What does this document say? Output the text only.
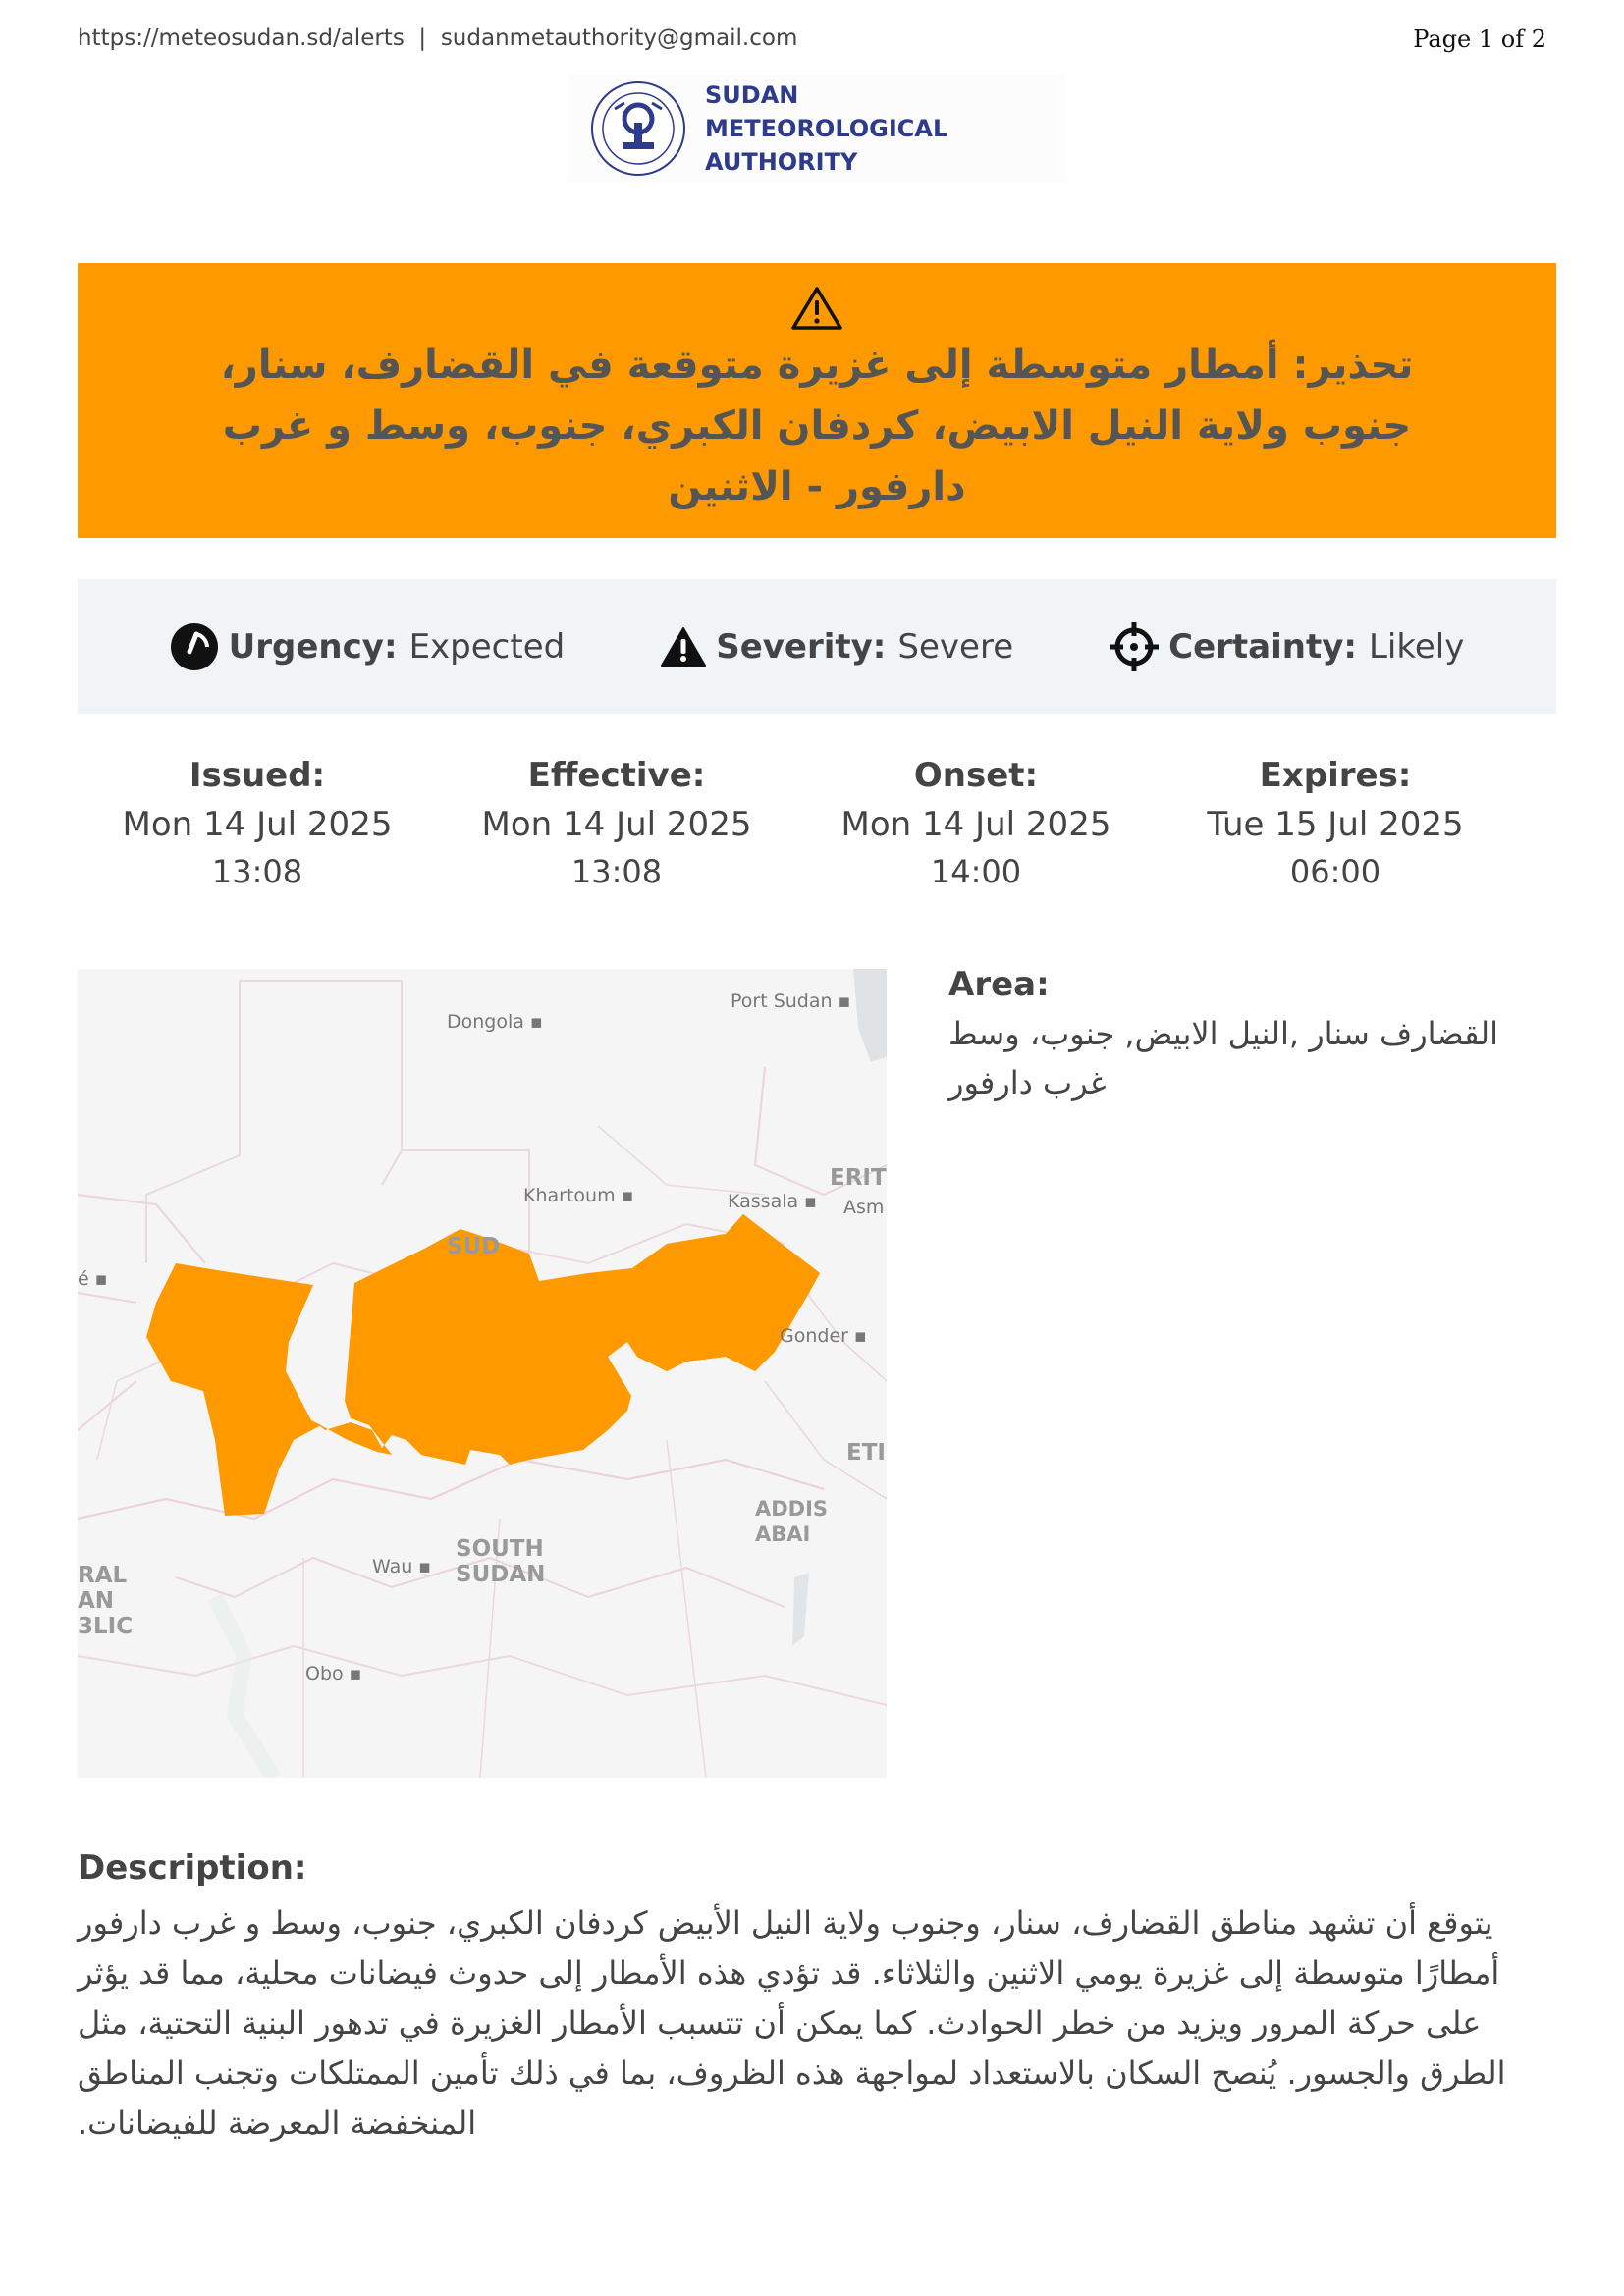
https://meteosudan.sd/alerts  |  sudanmetauthority@gmail.com	Page 1 of 2
SUDAN
METEOROLOGICAL
AUTHORITY
تحذير: أمطار متوسطة إلى غزيرة متوقعة في القضارف، سنار، جنوب ولاية النيل الابيض، كردفان الكبري، جنوب، وسط و غرب دارفور - الاثنين
Urgency: Expected	Severity: Severe	Certainty: Likely
Issued:
Mon 14 Jul 2025
13:08
Effective:
Mon 14 Jul 2025
13:08
Onset:
Mon 14 Jul 2025
14:00
Expires:
Tue 15 Jul 2025
06:00
Dongola ▪
Port Sudan ▪
Khartoum ▪	Kassala ▪
ERIT
Asm
SUD
Gonder ▪
ETI
ADDIS ABAI
Wau ▪
SOUTH
SUDAN
RAL
AN
3LIC
Obo ▪
é ▪
Area:
القضارف سنار ,النيل الابيض, جنوب، وسط غرب دارفور
Description:
يتوقع أن تشهد مناطق القضارف، سنار، وجنوب ولاية النيل الأبيض كردفان الكبري، جنوب، وسط و غرب دارفور أمطارًا متوسطة إلى غزيرة يومي الاثنين والثلاثاء. قد تؤدي هذه الأمطار إلى حدوث فيضانات محلية، مما قد يؤثر على حركة المرور ويزيد من خطر الحوادث. كما يمكن أن تتسبب الأمطار الغزيرة في تدهور البنية التحتية، مثل الطرق والجسور. يُنصح السكان بالاستعداد لمواجهة هذه الظروف، بما في ذلك تأمين الممتلكات وتجنب المناطق المنخفضة المعرضة للفيضانات.
